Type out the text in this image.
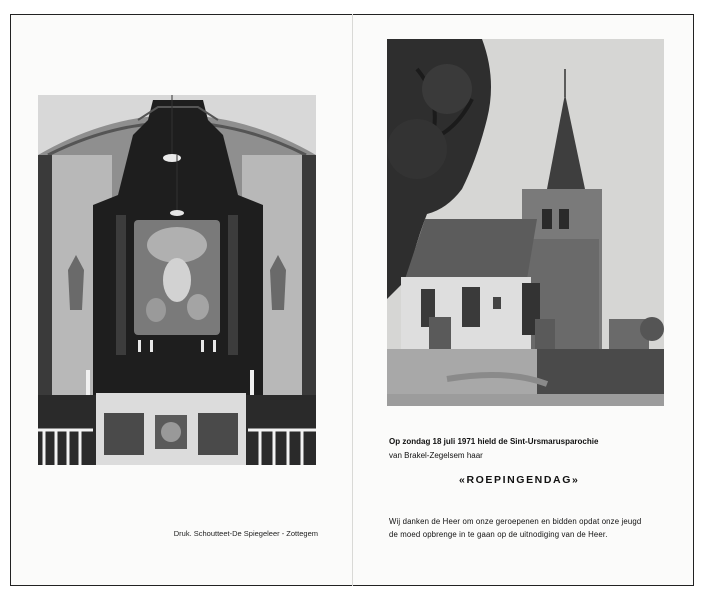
Druk. Schoutteet-De Spiegeleer - Zottegem
Op zondag 18 juli 1971 hield de Sint-Ursmarusparochie
van Brakel-Zegelsem haar
«ROEPINGENDAG»
Wij danken de Heer om onze geroepenen en bidden opdat onze jeugd
de moed opbrenge in te gaan op de uitnodiging van de Heer.
